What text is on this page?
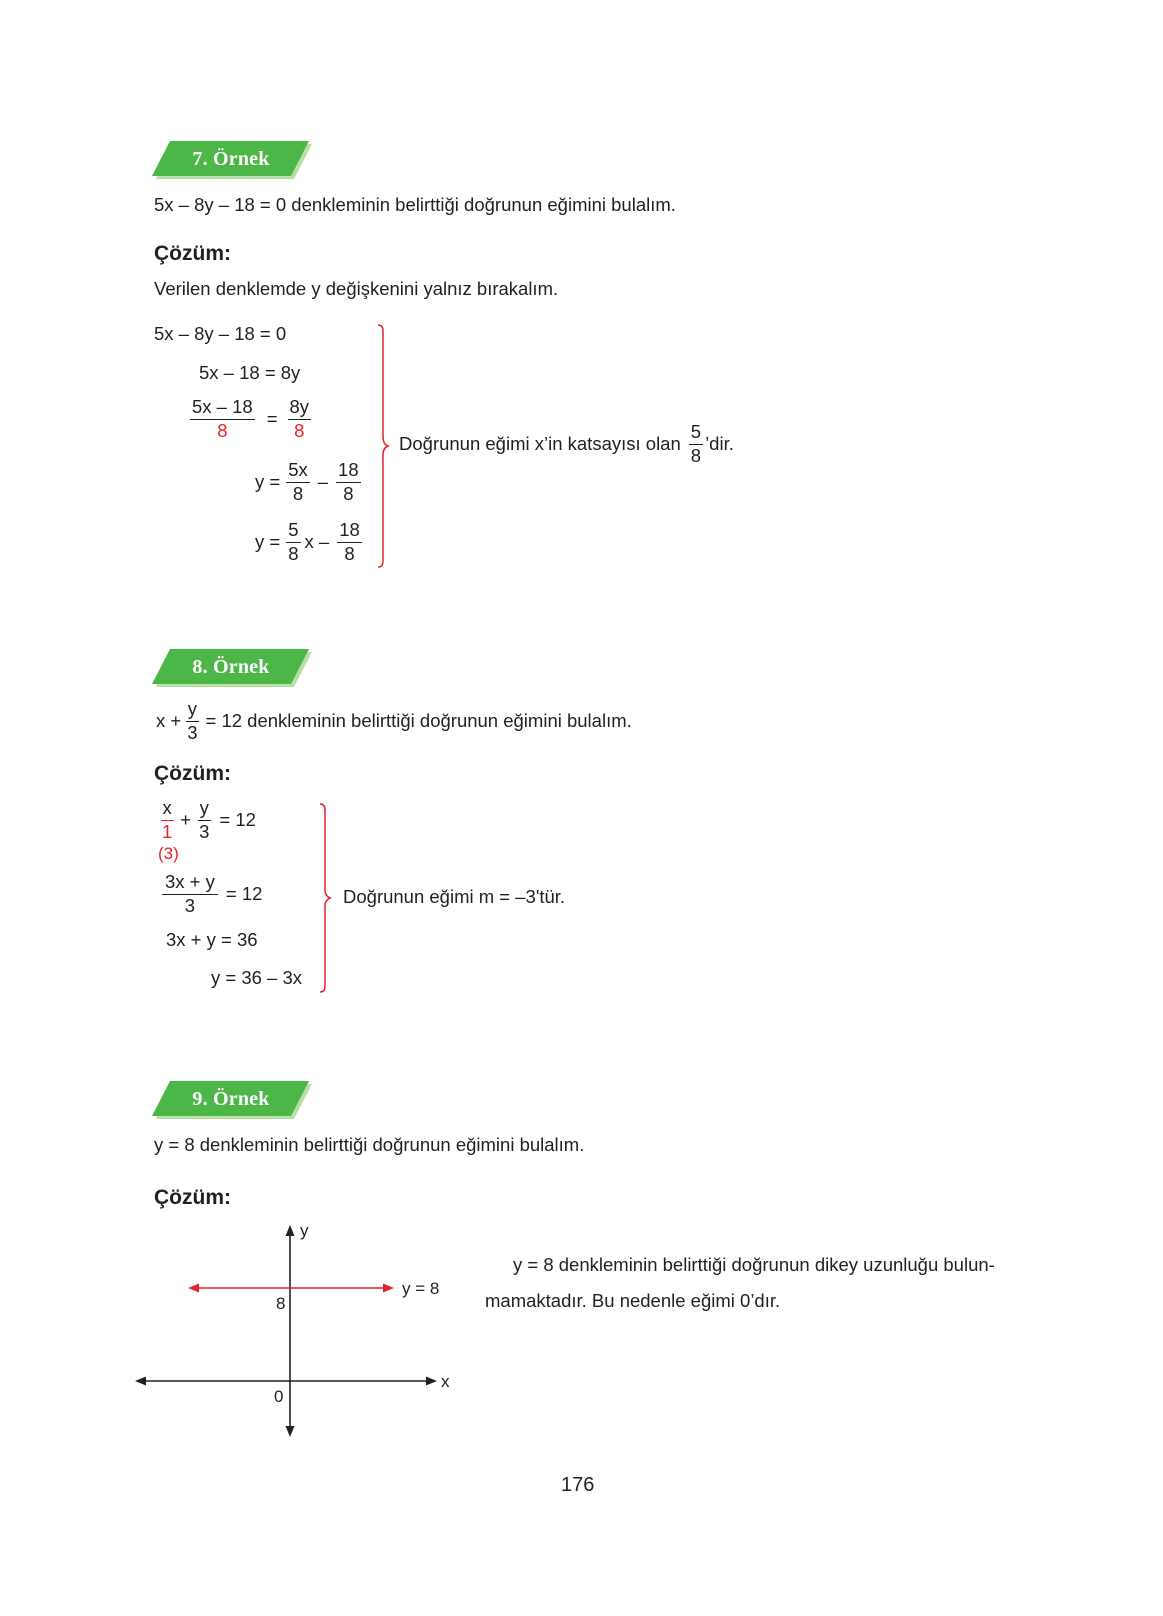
7. Örnek
5x – 8y – 18 = 0 denkleminin belirttiği doğrunun eğimini bulalım.
Çözüm:
Verilen denklemde y değişkenini yalnız bırakalım.
5x – 8y – 18 = 0
5x – 18 = 8y
$\frac{5x - 18}{8} = \frac{8y}{8}$
$y = \frac{5x}{8} - \frac{18}{8}$
$y = \frac{5}{8}$ x – $\frac{18}{8}$
Doğrunun eğimi x’in katsayısı olan $\frac{5}{8}$ ’dir.
8. Örnek
$x + \frac{y}{3} = 12$ denkleminin belirttiği doğrunun eğimini bulalım.
Çözüm:
$\frac{x}{1} + \frac{y}{3} = 12$
(3)
$\frac{3x + y}{3} = 12$
3x + y = 36
y = 36 – 3x
Doğrunun eğimi m = –3'tür.
9. Örnek
y = 8 denkleminin belirttiği doğrunun eğimini bulalım.
Çözüm:
y
x
0
8
y = 8
y = 8 denkleminin belirttiği doğrunun dikey uzunluğu bulun-
mamaktadır. Bu nedenle eğimi 0’dır.
176
